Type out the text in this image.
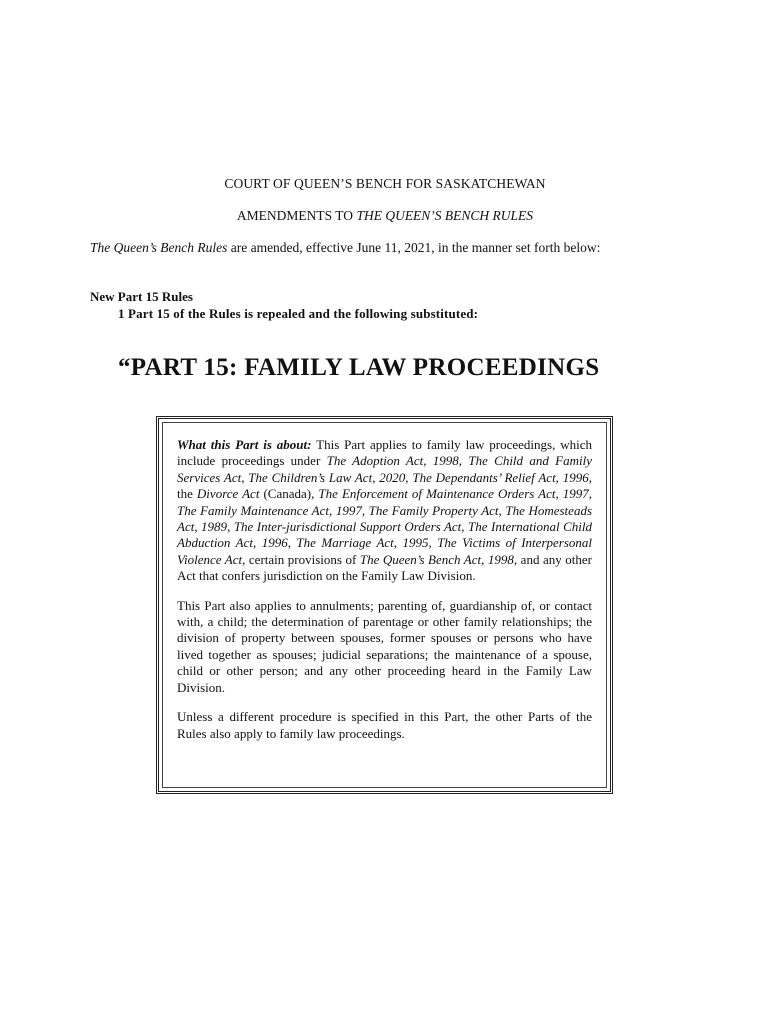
COURT OF QUEEN’S BENCH FOR SASKATCHEWAN
AMENDMENTS TO THE QUEEN’S BENCH RULES
The Queen’s Bench Rules are amended, effective June 11, 2021, in the manner set forth below:
New Part 15 Rules
1 Part 15 of the Rules is repealed and the following substituted:
“PART 15: FAMILY LAW PROCEEDINGS

What this Part is about: This Part applies to family law proceedings, which include proceedings under The Adoption Act, 1998, The Child and Family Services Act, The Children’s Law Act, 2020, The Dependants’ Relief Act, 1996, the Divorce Act (Canada), The Enforcement of Maintenance Orders Act, 1997, The Family Maintenance Act, 1997, The Family Property Act, The Homesteads Act, 1989, The Inter-jurisdictional Support Orders Act, The International Child Abduction Act, 1996, The Marriage Act, 1995, The Victims of Interpersonal Violence Act, certain provisions of The Queen’s Bench Act, 1998, and any other Act that confers jurisdiction on the Family Law Division.

This Part also applies to annulments; parenting of, guardianship of, or contact with, a child; the determination of parentage or other family relationships; the division of property between spouses, former spouses or persons who have lived together as spouses; judicial separations; the maintenance of a spouse, child or other person; and any other proceeding heard in the Family Law Division.

Unless a different procedure is specified in this Part, the other Parts of the Rules also apply to family law proceedings.
